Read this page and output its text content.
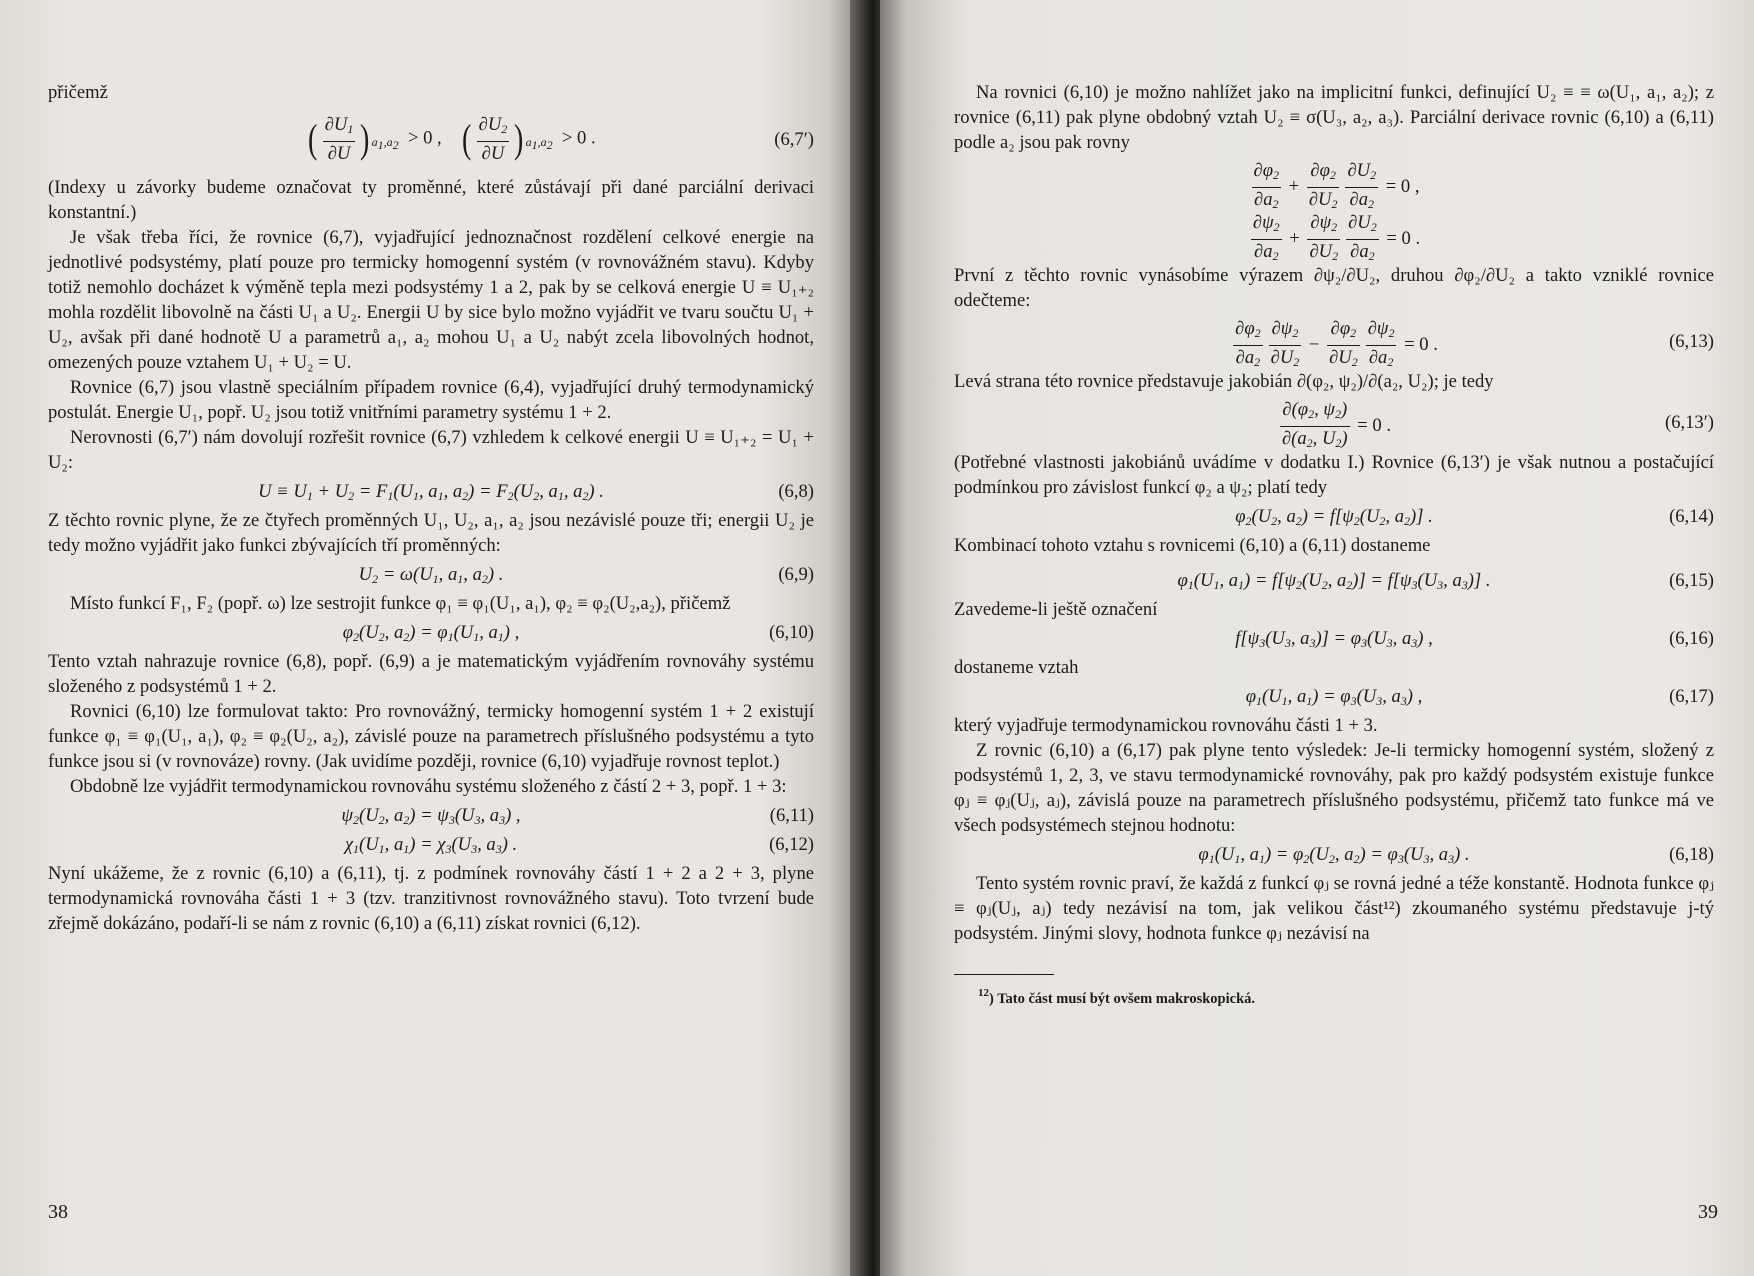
přičemž

( $\frac{\partial U_1}{\partial U}$ ) $_{a_1,a_2}$  > 0 ,    ( $\frac{\partial U_2}{\partial U}$ ) $_{a_1,a_2}$  > 0 .	(6,7′)

(Indexy u závorky budeme označovat ty proměnné, které zůstávají při dané parciální derivaci konstantní.)

Je však třeba říci, že rovnice (6,7), vyjadřující jednoznačnost rozdělení celkové energie na jednotlivé podsystémy, platí pouze pro termicky homogenní systém (v rovnovážném stavu). Kdyby totiž nemohlo docházet k výměně tepla mezi podsystémy 1 a 2, pak by se celková energie U ≡ U₁₊₂ mohla rozdělit libovolně na části U₁ a U₂. Energii U by sice bylo možno vyjádřit ve tvaru součtu U₁ + U₂, avšak při dané hodnotě U a parametrů a₁, a₂ mohou U₁ a U₂ nabýt zcela libovolných hodnot, omezených pouze vztahem U₁ + U₂ = U.

Rovnice (6,7) jsou vlastně speciálním případem rovnice (6,4), vyjadřující druhý termodynamický postulát. Energie U₁, popř. U₂ jsou totiž vnitřními parametry systému 1 + 2.

Nerovnosti (6,7′) nám dovolují rozřešit rovnice (6,7) vzhledem k celkové energii U ≡ U₁₊₂ = U₁ + U₂:

$U \equiv U_1 + U_2 = F_1(U_1$, $a_1$, $a_2) = F_2(U_2$, $a_1$, $a_2$) .	(6,8)

Z těchto rovnic plyne, že ze čtyřech proměnných U₁, U₂, a₁, a₂ jsou nezávislé pouze tři; energii U₂ je tedy možno vyjádřit jako funkci zbývajících tří proměnných:

$U_2 = \omega(U_1$, $a_1$, $a_2$) .	(6,9)

Místo funkcí F₁, F₂ (popř. ω) lze sestrojit funkce φ₁ ≡ φ₁(U₁, a₁), φ₂ ≡ φ₂(U₂,a₂), přičemž

$\varphi_2(U_2$, $a_2) = \varphi_1(U_1$, $a_1$) ,	(6,10)

Tento vztah nahrazuje rovnice (6,8), popř. (6,9) a je matematickým vyjádřením rovnováhy systému složeného z podsystémů 1 + 2.

Rovnici (6,10) lze formulovat takto: Pro rovnovážný, termicky homogenní systém 1 + 2 existují funkce φ₁ ≡ φ₁(U₁, a₁), φ₂ ≡ φ₂(U₂, a₂), závislé pouze na parametrech příslušného podsystému a tyto funkce jsou si (v rovnováze) rovny. (Jak uvidíme později, rovnice (6,10) vyjadřuje rovnost teplot.)

Obdobně lze vyjádřit termodynamickou rovnováhu systému složeného z částí 2 + 3, popř. 1 + 3:

$\psi_2(U_2$, $a_2) = \psi_3(U_3$, $a_3$) ,	(6,11)
$\chi_1(U_1$, $a_1) = \chi_3(U_3$, $a_3$) .	(6,12)

Nyní ukážeme, že z rovnic (6,10) a (6,11), tj. z podmínek rovnováhy částí 1 + 2 a 2 + 3, plyne termodynamická rovnováha části 1 + 3 (tzv. tranzitivnost rovnovážného stavu). Toto tvrzení bude zřejmě dokázáno, podaří-li se nám z rovnic (6,10) a (6,11) získat rovnici (6,12).

38

Na rovnici (6,10) je možno nahlížet jako na implicitní funkci, definující U₂ ≡ ≡ ω(U₁, a₁, a₂); z rovnice (6,11) pak plyne obdobný vztah U₂ ≡ σ(U₃, a₂, a₃). Parciální derivace rovnic (6,10) a (6,11) podle a₂ jsou pak rovny

$\frac{\partial\varphi_2}{\partial a_2} + \frac{\partial\varphi_2}{\partial U_2} \frac{\partial U_2}{\partial a_2} = 0$ ,
$\frac{\partial\psi_2}{\partial a_2} + \frac{\partial\psi_2}{\partial U_2} \frac{\partial U_2}{\partial a_2} = 0$ .

První z těchto rovnic vynásobíme výrazem ∂ψ₂/∂U₂, druhou ∂φ₂/∂U₂ a takto vzniklé rovnice odečteme:

$\frac{\partial\varphi_2}{\partial a_2} \frac{\partial\psi_2}{\partial U_2} - \frac{\partial\varphi_2}{\partial U_2} \frac{\partial\psi_2}{\partial a_2} = 0$ .	(6,13)

Levá strana této rovnice představuje jakobián ∂(φ₂, ψ₂)/∂(a₂, U₂); je tedy

$\frac{\partial(\varphi_2, \psi_2)}{\partial(a_2, U_2)} = 0$ .	(6,13′)

(Potřebné vlastnosti jakobiánů uvádíme v dodatku I.) Rovnice (6,13′) je však nutnou a postačující podmínkou pro závislost funkcí φ₂ a ψ₂; platí tedy

$\varphi_2(U_2$, $a_2) = f[\psi_2(U_2$, $a_2$)] .	(6,14)

Kombinací tohoto vztahu s rovnicemi (6,10) a (6,11) dostaneme

$\varphi_1(U_1$, $a_1) = f[\psi_2(U_2$, $a_2)] = f[\psi_3(U_3$, $a_3$)] .	(6,15)

Zavedeme-li ještě označení

$f[\psi_3(U_3$, $a_3)] = \varphi_3(U_3$, $a_3$) ,	(6,16)

dostaneme vztah

$\varphi_1(U_1$, $a_1) = \varphi_3(U_3$, $a_3$) ,	(6,17)

který vyjadřuje termodynamickou rovnováhu části 1 + 3.

Z rovnic (6,10) a (6,17) pak plyne tento výsledek: Je-li termicky homogenní systém, složený z podsystémů 1, 2, 3, ve stavu termodynamické rovnováhy, pak pro každý podsystém existuje funkce φⱼ ≡ φⱼ(Uⱼ, aⱼ), závislá pouze na parametrech příslušného podsystému, přičemž tato funkce má ve všech podsystémech stejnou hodnotu:

$\varphi_1(U_1$, $a_1) = \varphi_2(U_2$, $a_2) = \varphi_3(U_3$, $a_3$) .	(6,18)

Tento systém rovnic praví, že každá z funkcí φⱼ se rovná jedné a téže konstantě. Hodnota funkce φⱼ ≡ φⱼ(Uⱼ, aⱼ) tedy nezávisí na tom, jak velikou část¹²) zkoumaného systému představuje j-tý podsystém. Jinými slovy, hodnota funkce φⱼ nezávisí na

$^{12}$) Tato část musí být ovšem makroskopická.
39
